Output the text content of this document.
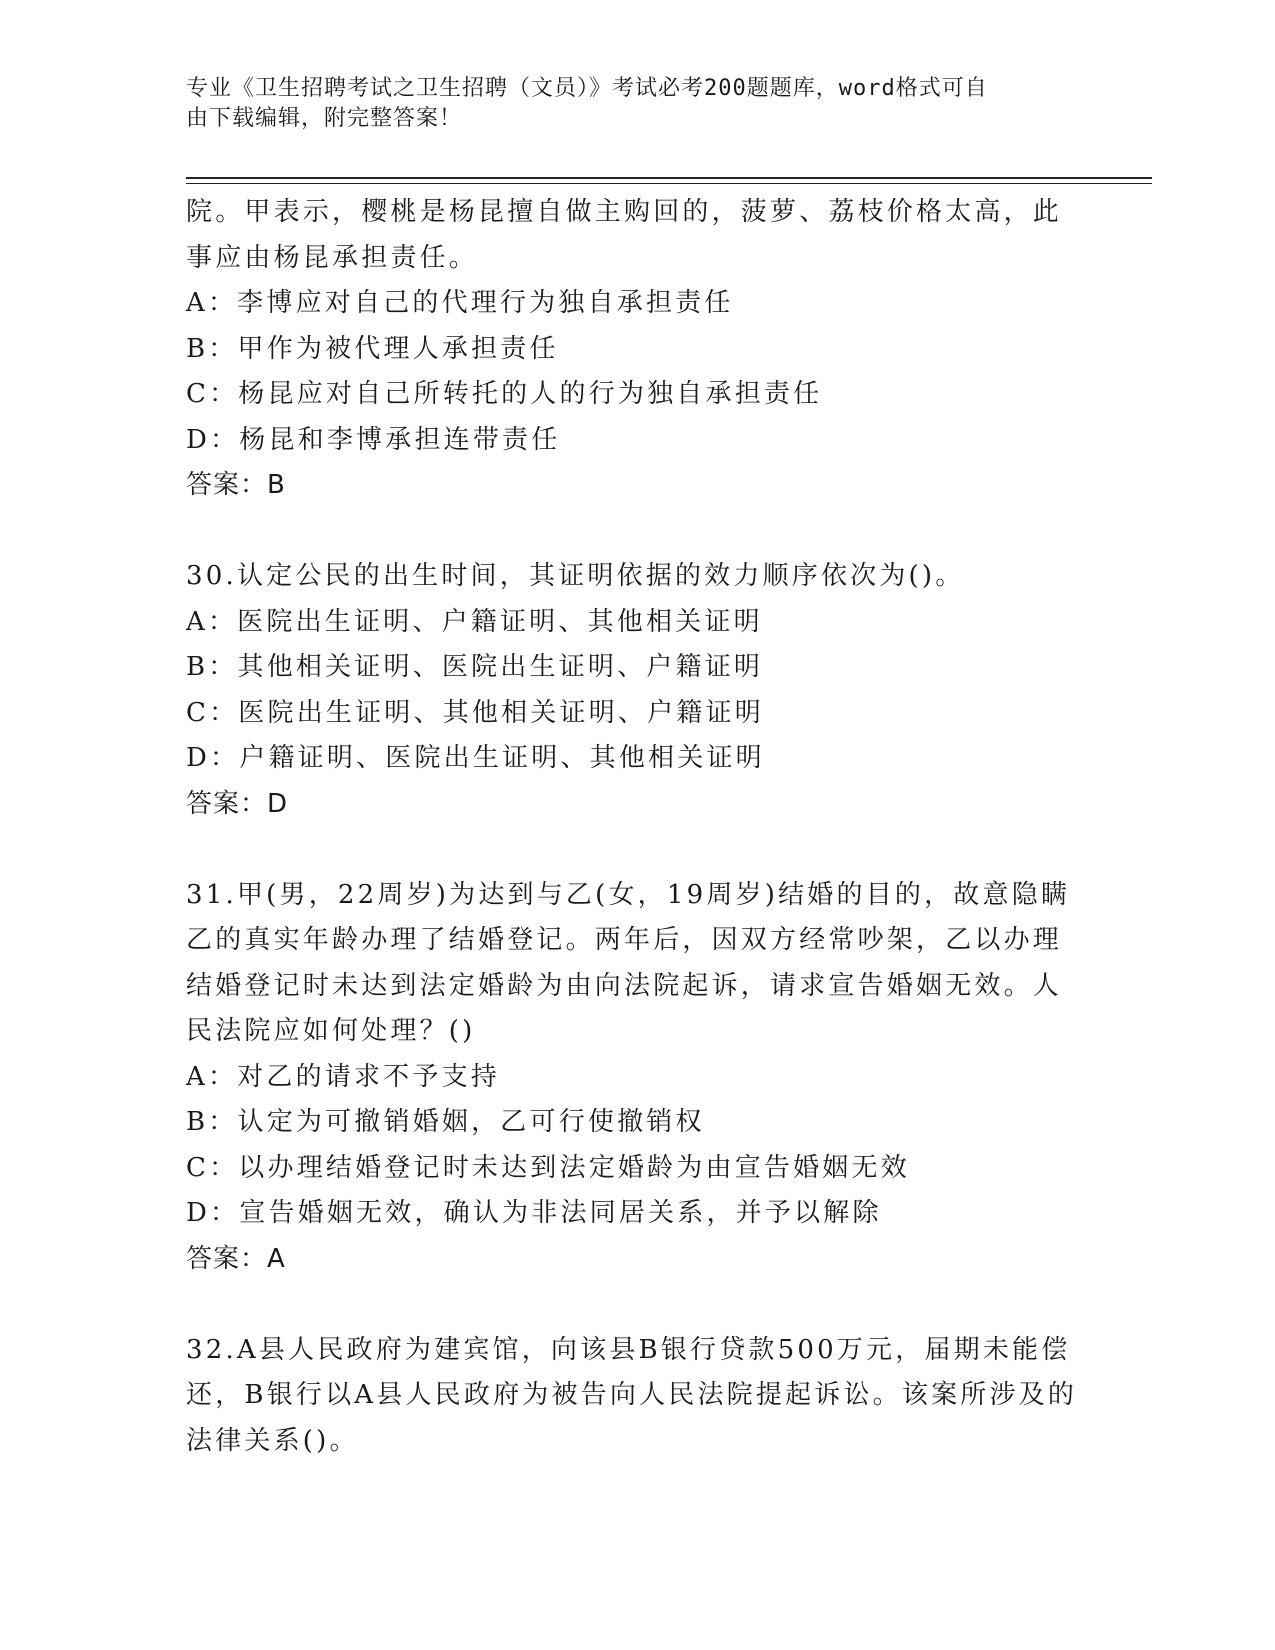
专业《卫生招聘考试之卫生招聘（文员）》考试必考200题题库，word格式可自
由下载编辑，附完整答案！
院。甲表示，樱桃是杨昆擅自做主购回的，菠萝、荔枝价格太高，此
事应由杨昆承担责任。
A：李博应对自己的代理行为独自承担责任
B：甲作为被代理人承担责任
C：杨昆应对自己所转托的人的行为独自承担责任
D：杨昆和李博承担连带责任
答案：B
30.认定公民的出生时间，其证明依据的效力顺序依次为()。
A：医院出生证明、户籍证明、其他相关证明
B：其他相关证明、医院出生证明、户籍证明
C：医院出生证明、其他相关证明、户籍证明
D：户籍证明、医院出生证明、其他相关证明
答案：D
31.甲(男，22周岁)为达到与乙(女，19周岁)结婚的目的，故意隐瞒
乙的真实年龄办理了结婚登记。两年后，因双方经常吵架，乙以办理
结婚登记时未达到法定婚龄为由向法院起诉，请求宣告婚姻无效。人
民法院应如何处理？()
A：对乙的请求不予支持
B：认定为可撤销婚姻，乙可行使撤销权
C：以办理结婚登记时未达到法定婚龄为由宣告婚姻无效
D：宣告婚姻无效，确认为非法同居关系，并予以解除
答案：A
32.A县人民政府为建宾馆，向该县B银行贷款500万元，届期未能偿
还，B银行以A县人民政府为被告向人民法院提起诉讼。该案所涉及的
法律关系()。
